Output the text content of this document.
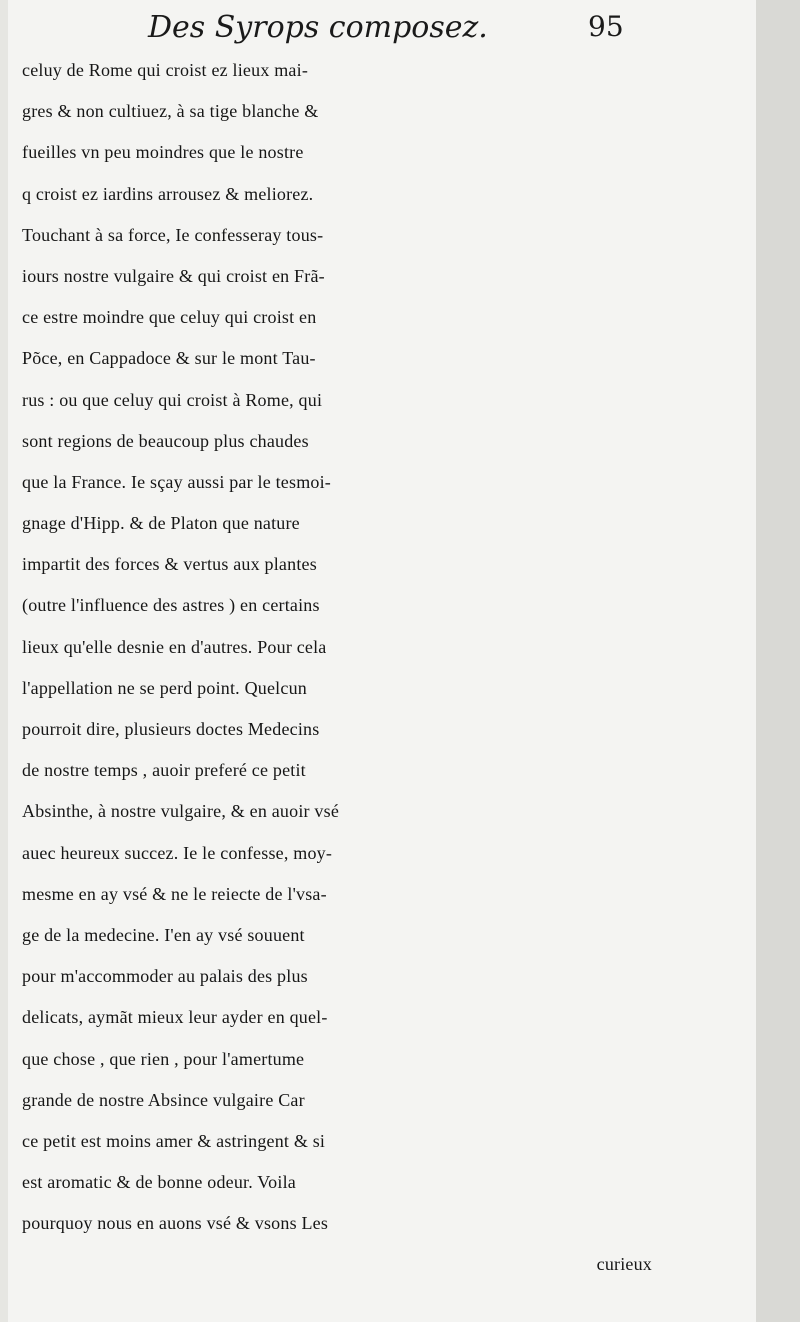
Des Syrops composez.	95
celuy de Rome qui croist ez lieux mai-
gres & non cultiuez, à sa tige blanche &
fueilles vn peu moindres que le nostre
q croist ez iardins arrousez & meliorez.
Touchant à sa force, Ie confesseray tous-
iours nostre vulgaire & qui croist en Frã-
ce estre moindre que celuy qui croist en
Põce, en Cappadoce & sur le mont Tau-
rus : ou que celuy qui croist à Rome, qui
sont regions de beaucoup plus chaudes
que la France. Ie sçay aussi par le tesmoi-
gnage d'Hipp. & de Platon que nature
impartit des forces & vertus aux plantes
(outre l'influence des astres ) en certains
lieux qu'elle desnie en d'autres. Pour cela
l'appellation ne se perd point. Quelcun
pourroit dire, plusieurs doctes Medecins
de nostre temps , auoir preferé ce petit
Absinthe, à nostre vulgaire, & en auoir vsé
auec heureux succez. Ie le confesse, moy-
mesme en ay vsé & ne le reiecte de l'vsa-
ge de la medecine. I'en ay vsé souuent
pour m'accommoder au palais des plus
delicats, aymãt mieux leur ayder en quel-
que chose , que rien , pour l'amertume
grande de nostre Absince vulgaire Car
ce petit est moins amer & astringent & si
est aromatic & de bonne odeur. Voila
pourquoy nous en auons vsé & vsons Les
curieux
